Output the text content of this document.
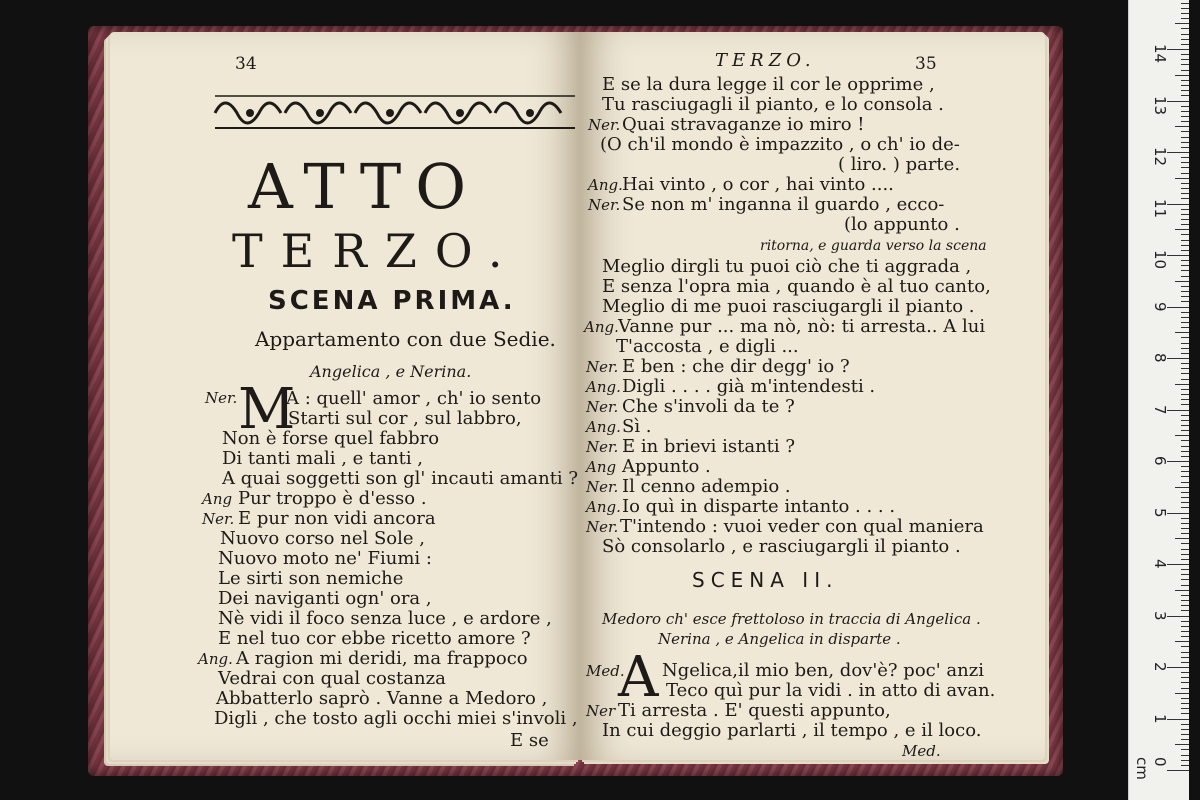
34
ATTO
TERZO.
SCENA PRIMA.
Appartamento con due Sedie.
Angelica , e Nerina.
M
Ner.	A : quell' amor , ch' io sento
Starti sul cor , sul labbro,
Non è forse quel fabbro
Di tanti mali , e tanti ,
A quai soggetti son gl' incauti amanti ?
Ang Pur troppo è d'esso .
Ner. E pur non vidi ancora
Nuovo corso nel Sole ,
Nuovo moto ne' Fiumi :
Le sirti son nemiche
Dei naviganti ogn' ora ,
Nè vidi il foco senza luce , e ardore ,
E nel tuo cor ebbe ricetto amore ?
Ang. A ragion mi deridi, ma frappoco
Vedrai con qual costanza
Abbatterlo saprò . Vanne a Medoro ,
Digli , che tosto agli occhi miei s'involi ,
E se
TERZO.	35
E se la dura legge il cor le opprime ,
Tu rasciugagli il pianto, e lo consola .
Ner. Quai stravaganze io miro !
(O ch'il mondo è impazzito , o ch' io de-
( liro. ) parte.
Ang. Hai vinto , o cor , hai vinto ....
Ner. Se non m' inganna il guardo , ecco-
(lo appunto .
ritorna, e guarda verso la scena
Meglio dirgli tu puoi ciò che ti aggrada ,
E senza l'opra mia , quando è al tuo canto,
Meglio di me puoi rasciugargli il pianto .
Ang. Vanne pur ... ma nò, nò: ti arresta.. A lui
T'accosta , e digli ...
Ner. E ben : che dir degg' io ?
Ang. Digli . . . . già m'intendesti .
Ner. Che s'involi da te ?
Ang. Sì .
Ner. E in brievi istanti ?
Ang Appunto .
Ner. Il cenno adempio .
Ang. Io quì in disparte intanto . . . .
Ner. T'intendo : vuoi veder con qual maniera
Sò consolarlo , e rasciugargli il pianto .
SCENA II.
Medoro ch' esce frettoloso in traccia di Angelica .
Nerina , e Angelica in disparte .
A
Med. Ngelica,il mio ben, dov'è? poc' anzi
Teco quì pur la vidi . in atto di avan.
Ner Ti arresta . E' questi appunto,
In cui deggio parlarti , il tempo , e il loco.
Med.
0 cm
1
2
3
4
5
6
7
8
9
10
11
12
13
14
